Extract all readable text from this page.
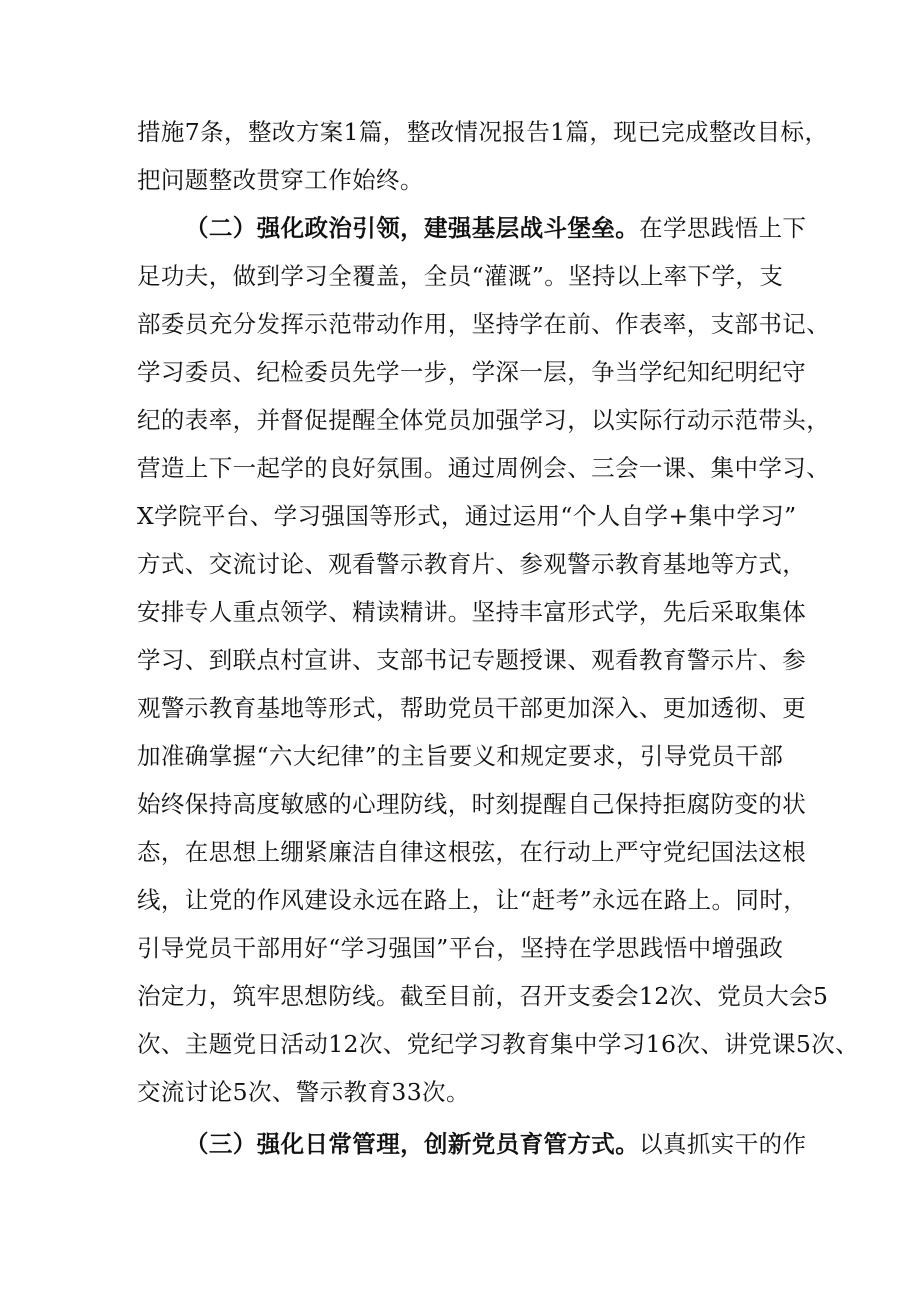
措施7条，整改方案1篇，整改情况报告1篇，现已完成整改目标，
把问题整改贯穿工作始终。
（二）强化政治引领，建强基层战斗堡垒。在学思践悟上下
足功夫，做到学习全覆盖，全员“灌溉”。坚持以上率下学，支
部委员充分发挥示范带动作用，坚持学在前、作表率，支部书记、
学习委员、纪检委员先学一步，学深一层，争当学纪知纪明纪守
纪的表率，并督促提醒全体党员加强学习，以实际行动示范带头，
营造上下一起学的良好氛围。通过周例会、三会一课、集中学习、
X学院平台、学习强国等形式，通过运用“个人自学+集中学习”
方式、交流讨论、观看警示教育片、参观警示教育基地等方式，
安排专人重点领学、精读精讲。坚持丰富形式学，先后采取集体
学习、到联点村宣讲、支部书记专题授课、观看教育警示片、参
观警示教育基地等形式，帮助党员干部更加深入、更加透彻、更
加准确掌握“六大纪律”的主旨要义和规定要求，引导党员干部
始终保持高度敏感的心理防线，时刻提醒自己保持拒腐防变的状
态，在思想上绷紧廉洁自律这根弦，在行动上严守党纪国法这根
线，让党的作风建设永远在路上，让“赶考”永远在路上。同时，
引导党员干部用好“学习强国”平台，坚持在学思践悟中增强政
治定力，筑牢思想防线。截至目前，召开支委会12次、党员大会5
次、主题党日活动12次、党纪学习教育集中学习16次、讲党课5次、
交流讨论5次、警示教育33次。
（三）强化日常管理，创新党员育管方式。以真抓实干的作
